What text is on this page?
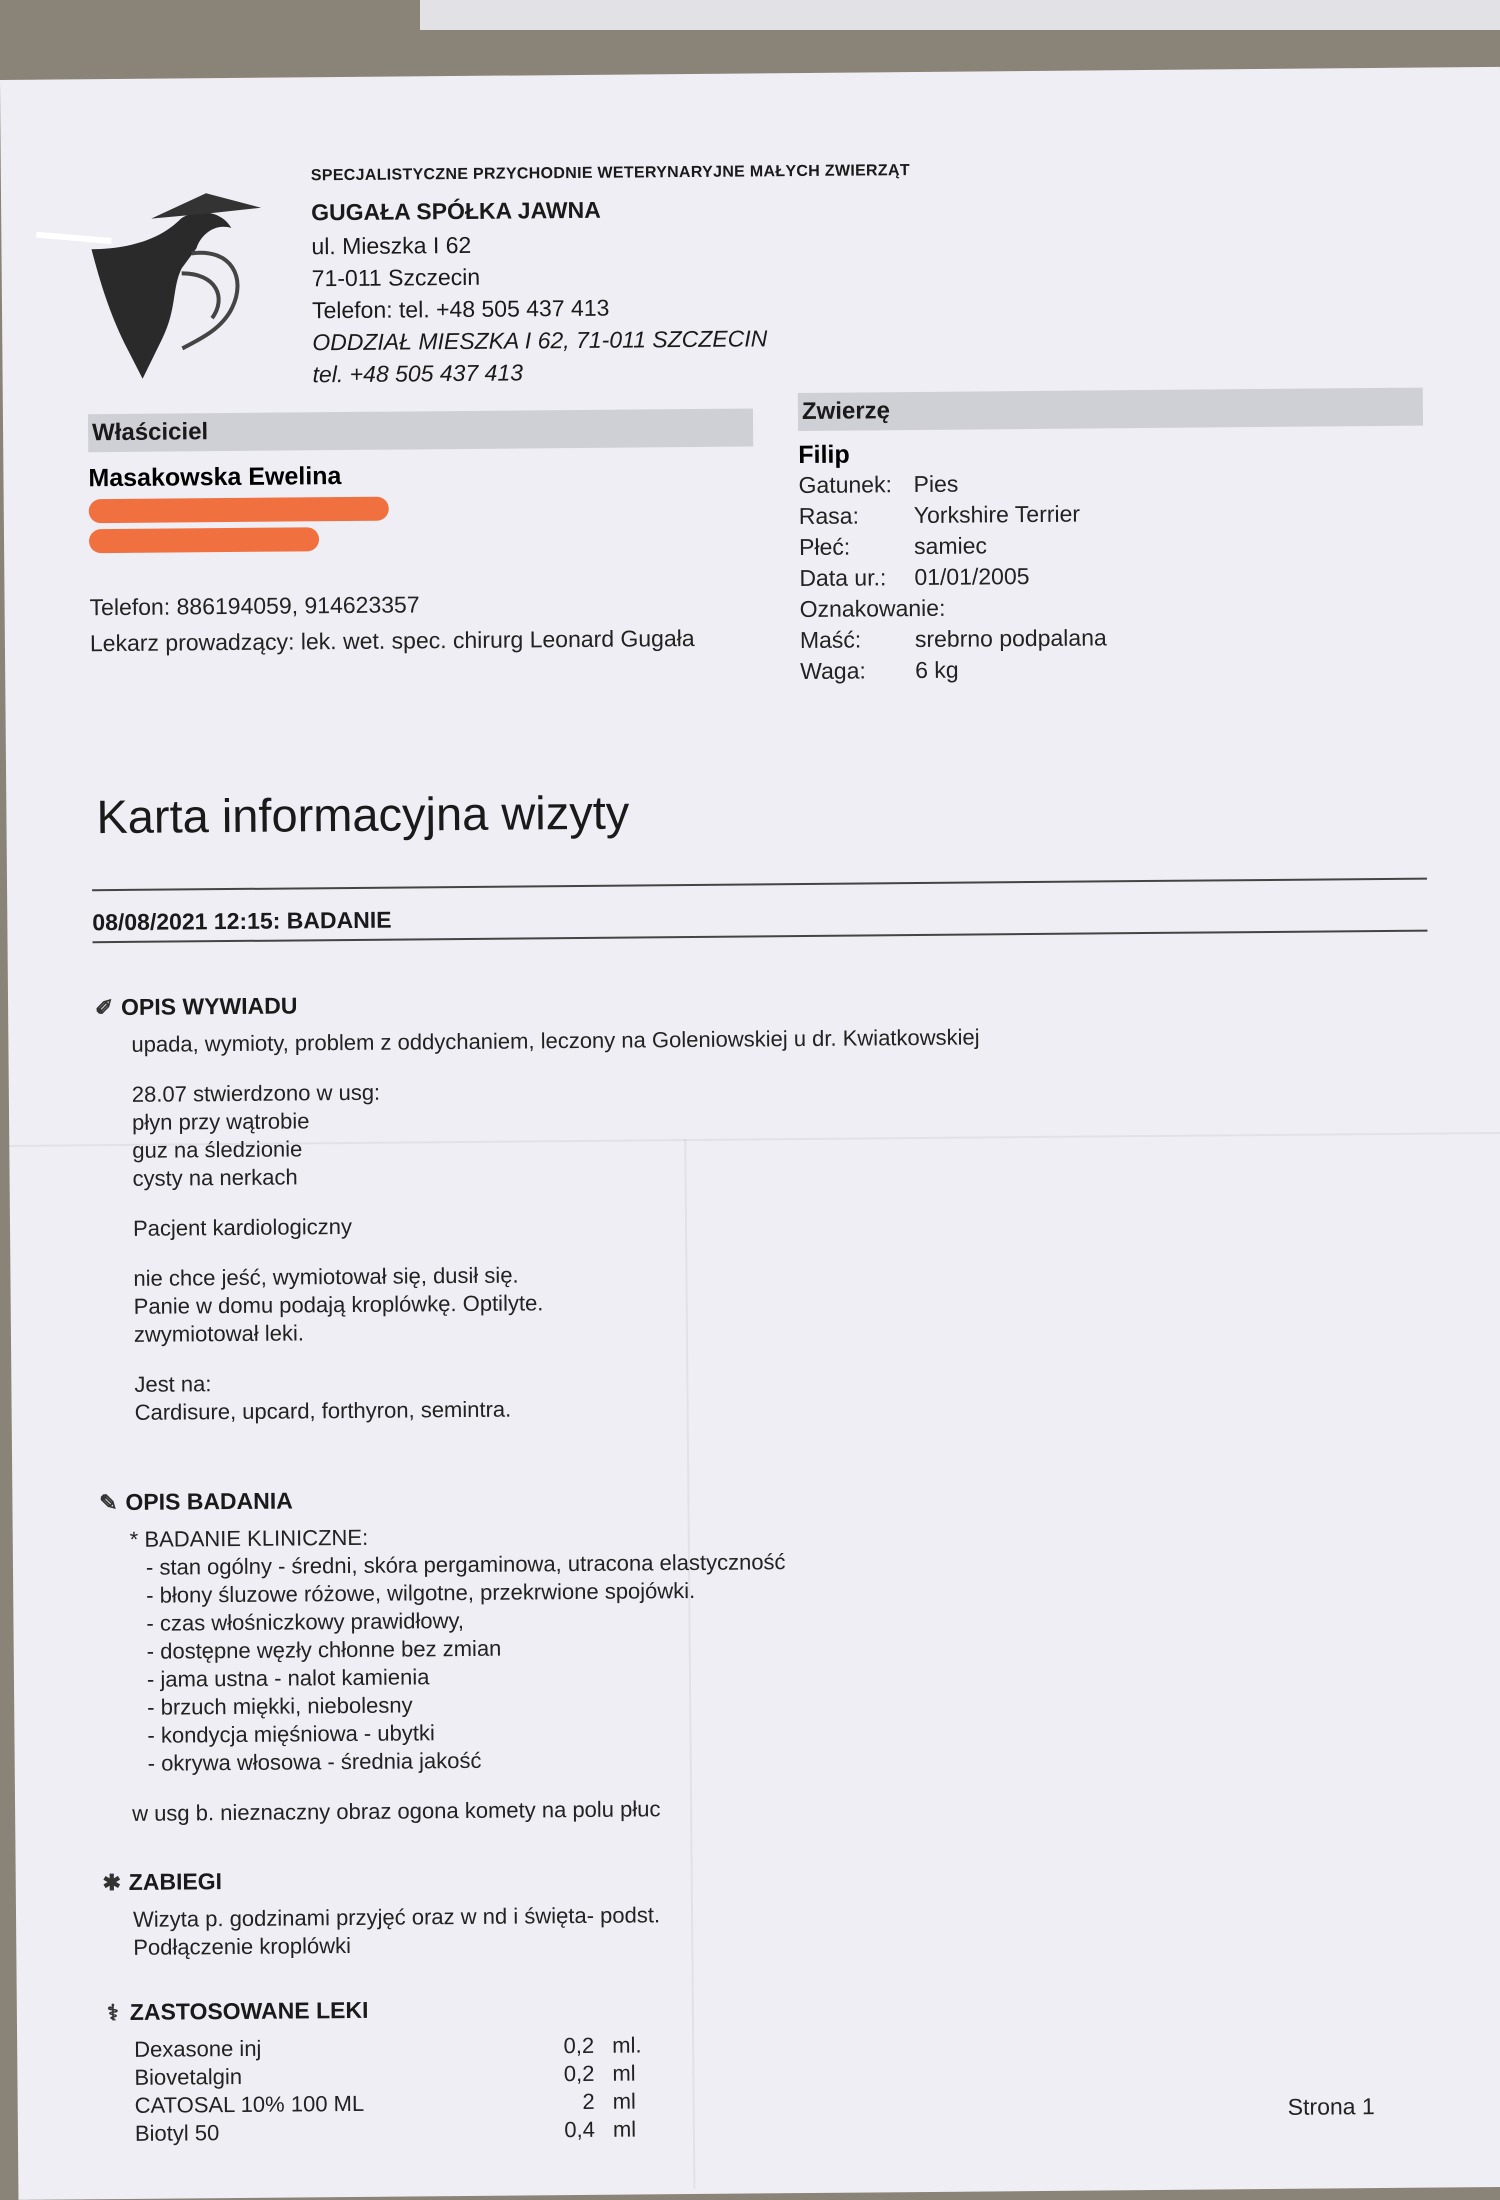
SPECJALISTYCZNE PRZYCHODNIE WETERYNARYJNE MAŁYCH ZWIERZĄT
GUGAŁA SPÓŁKA JAWNA
ul. Mieszka I 62
71-011 Szczecin
Telefon: tel. +48 505 437 413
ODDZIAŁ MIESZKA I 62, 71-011 SZCZECIN
tel. +48 505 437 413
Właściciel
Masakowska Ewelina
Telefon: 886194059, 914623357
Lekarz prowadzący: lek. wet. spec. chirurg Leonard Gugała
Zwierzę
Filip
Gatunek: Pies
Rasa:	Yorkshire Terrier
Płeć:	samiec
Data ur.:	01/01/2005
Oznakowanie:
Maść:	srebrno podpalana
Waga:	6 kg
Karta informacyjna wizyty
08/08/2021 12:15: BADANIE
✐ OPIS WYWIADU
upada, wymioty, problem z oddychaniem, leczony na Goleniowskiej u dr. Kwiatkowskiej
28.07 stwierdzono w usg:
płyn przy wątrobie
guz na śledzionie
cysty na nerkach
Pacjent kardiologiczny
nie chce jeść, wymiotował się, dusił się.
Panie w domu podają kroplówkę. Optilyte.
zwymiotował leki.
Jest na:
Cardisure, upcard, forthyron, semintra.
✎ OPIS BADANIA
* BADANIE KLINICZNE:
- stan ogólny - średni, skóra pergaminowa, utracona elastyczność
- błony śluzowe różowe, wilgotne, przekrwione spojówki.
- czas włośniczkowy prawidłowy,
- dostępne węzły chłonne bez zmian
- jama ustna - nalot kamienia
- brzuch miękki, niebolesny
- kondycja mięśniowa - ubytki
- okrywa włosowa - średnia jakość
w usg b. nieznaczny obraz ogona komety na polu płuc
✱ ZABIEGI
Wizyta p. godzinami przyjęć oraz w nd i święta- podst.
Podłączenie kroplówki
⚕ ZASTOSOWANE LEKI
Dexasone inj	0,2 ml.
Biovetalgin	0,2 ml
CATOSAL 10% 100 ML	2 ml
Biotyl 50	0,4 ml
Strona 1
